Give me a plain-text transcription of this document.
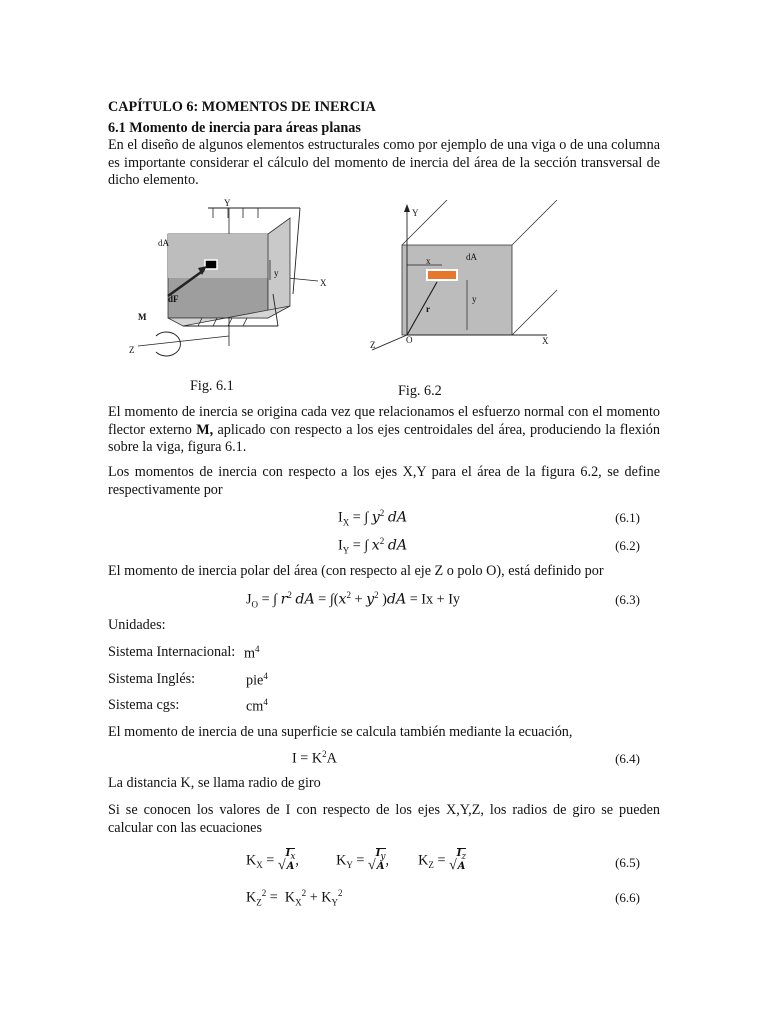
CAPÍTULO 6: MOMENTOS DE INERCIA
6.1 Momento de inercia para áreas planas
En el diseño de algunos elementos estructurales como por ejemplo de una viga o de una columna es importante considerar el cálculo del momento de inercia del área de la sección transversal de dicho elemento.
Y
X
Z
dA
dF
M
y
Y
X
Z	O
dA
x
y
r
Fig. 6.1	Fig. 6.2
El momento de inercia se origina cada vez que relacionamos el esfuerzo normal con el momento flector externo M, aplicado con respecto a los ejes centroidales del área, produciendo la flexión sobre la viga, figura 6.1.
Los momentos de inercia con respecto a los ejes X,Y para el área de la figura 6.2, se define respectivamente por
$I_X$ = ∫ $y^2$ dA	(6.1)
$I_Y$ = ∫ $x^2$ dA	(6.2)
El momento de inercia polar del área (con respecto al eje Z o polo O), está definido por
$J_O$ = ∫ $r^2$ dA = $\int(x^2 + y^2$ )dA = Ix + Iy	(6.3)
Unidades:
Sistema Internacional: $m^4$
Sistema Inglés:	pie$^4$
Sistema cgs:	$cm^4$
El momento de inercia de una superficie se calcula también mediante la ecuación,
$I = K^2A$	(6.4)
La distancia K, se llama radio de giro
Si se conocen los valores de I con respecto de los ejes X,Y,Z, los radios de giro se pueden calcular con las ecuaciones
$K_X = √I_x$
A,  $K_Y = √I_y$
A,  $K_Z = √I_z$
A	(6.5)
$K_Z^2 = K_X^2 + K_Y^2$	(6.6)
